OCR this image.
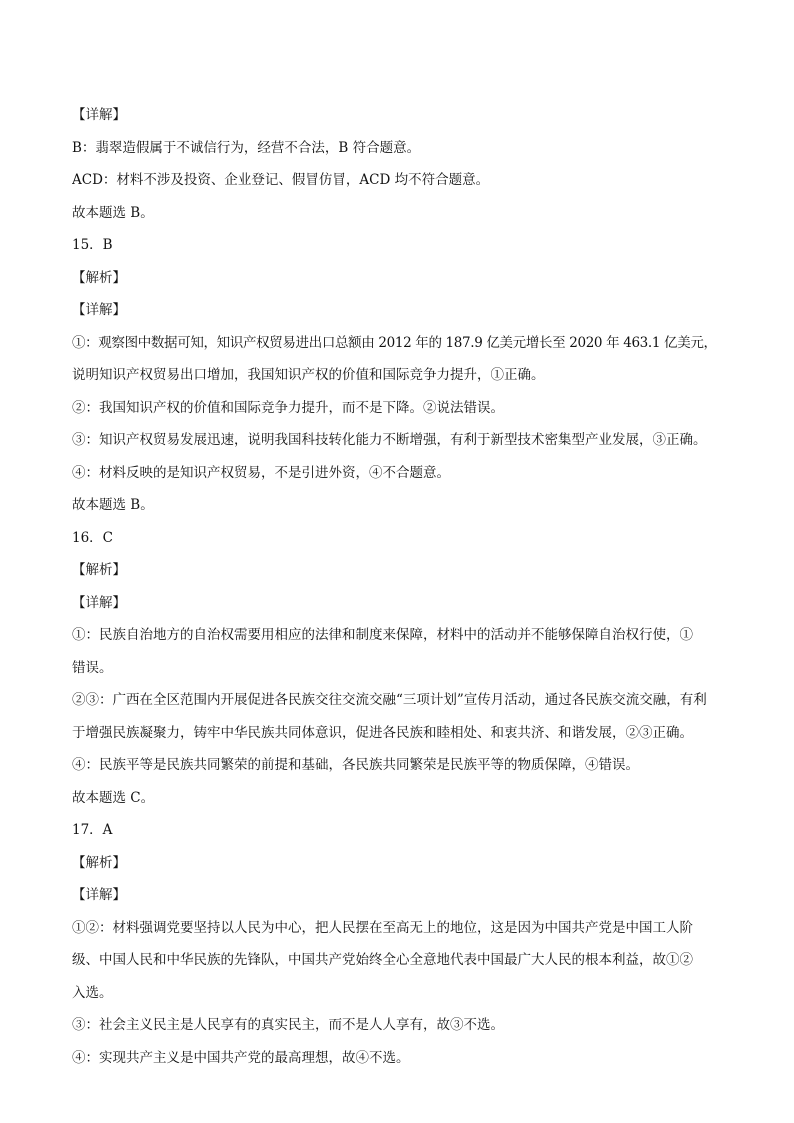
【详解】
B：翡翠造假属于不诚信行为，经营不合法，B 符合题意。
ACD：材料不涉及投资、企业登记、假冒仿冒，ACD 均不符合题意。
故本题选 B。
15．B
【解析】
【详解】
①：观察图中数据可知，知识产权贸易进出口总额由 2012 年的 187.9 亿美元增长至 2020 年 463.1 亿美元，
说明知识产权贸易出口增加，我国知识产权的价值和国际竞争力提升，①正确。
②：我国知识产权的价值和国际竞争力提升，而不是下降。②说法错误。
③：知识产权贸易发展迅速，说明我国科技转化能力不断增强，有利于新型技术密集型产业发展，③正确。
④：材料反映的是知识产权贸易，不是引进外资，④不合题意。
故本题选 B。
16．C
【解析】
【详解】
①：民族自治地方的自治权需要用相应的法律和制度来保障，材料中的活动并不能够保障自治权行使，①
错误。
②③：广西在全区范围内开展促进各民族交往交流交融“三项计划”宣传月活动，通过各民族交流交融，有利
于增强民族凝聚力，铸牢中华民族共同体意识，促进各民族和睦相处、和衷共济、和谐发展，②③正确。
④：民族平等是民族共同繁荣的前提和基础，各民族共同繁荣是民族平等的物质保障，④错误。
故本题选 C。
17．A
【解析】
【详解】
①②：材料强调党要坚持以人民为中心，把人民摆在至高无上的地位，这是因为中国共产党是中国工人阶
级、中国人民和中华民族的先锋队，中国共产党始终全心全意地代表中国最广大人民的根本利益，故①②
入选。
③：社会主义民主是人民享有的真实民主，而不是人人享有，故③不选。
④：实现共产主义是中国共产党的最高理想，故④不选。
